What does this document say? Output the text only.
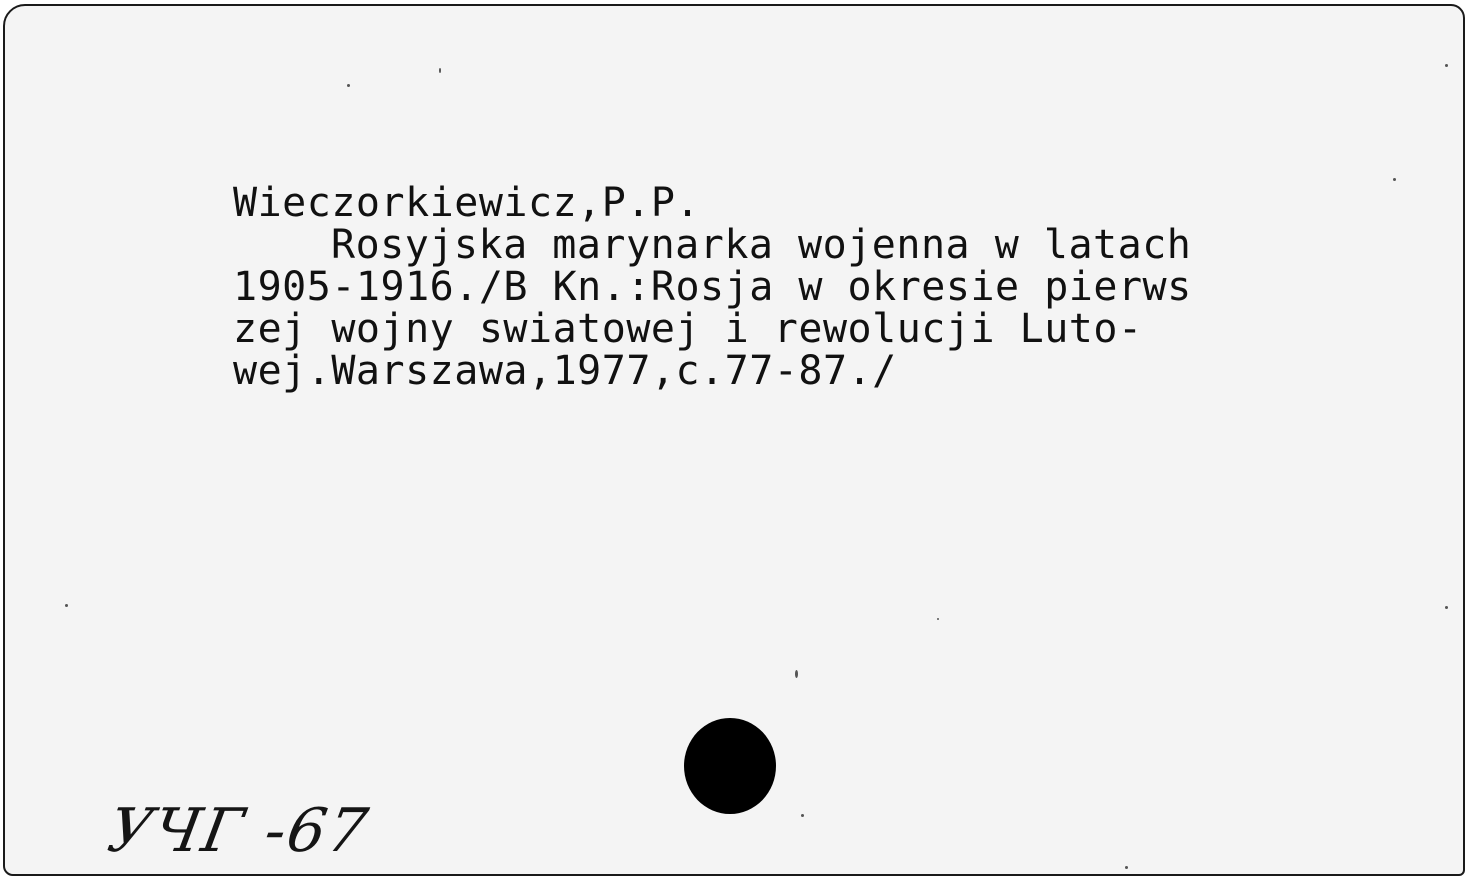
Wieczorkiewicz,P.P.
Rosyjska marynarka wojenna w latach
1905-1916./B Kn.:Rosja w okresie pierws
zej wojny swiatowej i rewolucji Luto-
wej.Warszawa,1977,c.77-87./
УЧГ -67
